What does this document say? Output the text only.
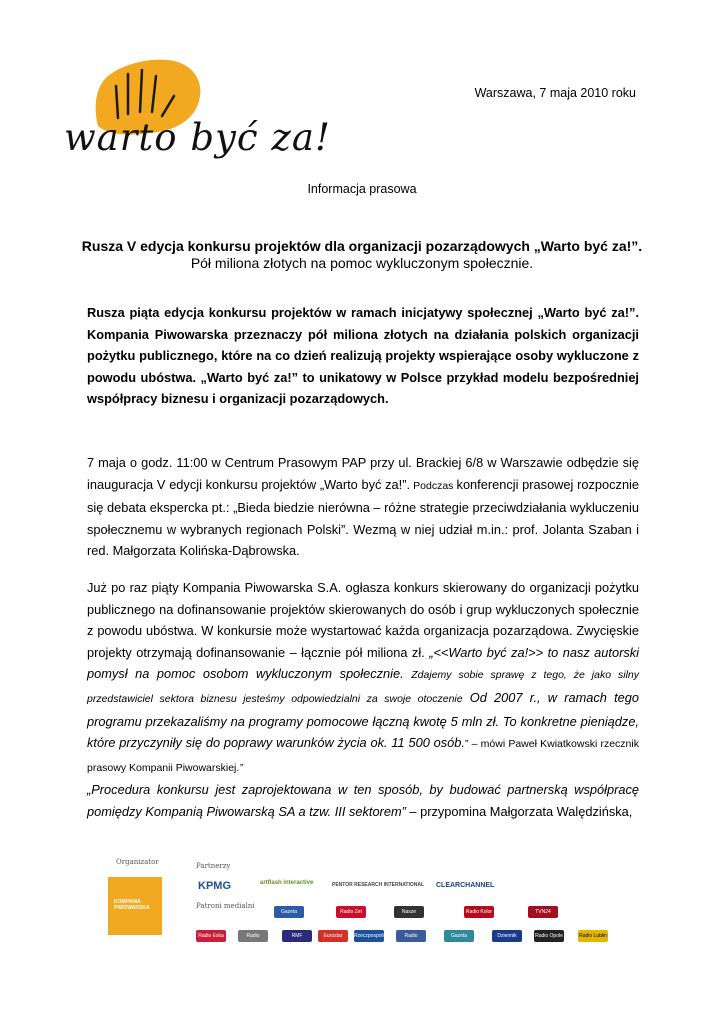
warto być za!
Warszawa, 7 maja 2010 roku
Informacja prasowa
Rusza V edycja konkursu projektów dla organizacji pozarządowych „Warto być za!”.
Pół miliona złotych na pomoc wykluczonym społecznie.

Rusza piąta edycja konkursu projektów w ramach inicjatywy społecznej „Warto być za!”. Kompania Piwowarska przeznaczy pół miliona złotych na działania polskich organizacji pożytku publicznego, które na co dzień realizują projekty wspierające osoby wykluczone z powodu ubóstwa. „Warto być za!” to unikatowy w Polsce przykład modelu bezpośredniej współpracy biznesu i organizacji pozarządowych.

7 maja o godz. 11:00 w Centrum Prasowym PAP przy ul. Brackiej 6/8 w Warszawie odbędzie się inauguracja V edycji konkursu projektów „Warto być za!”. Podczas konferencji prasowej rozpocznie się debata ekspercka pt.: „Bieda biedzie nierówna – różne strategie przeciwdziałania wykluczeniu społecznemu w wybranych regionach Polski”. Wezmą w niej udział m.in.: prof. Jolanta Szaban i red. Małgorzata Kolińska-Dąbrowska.

Już po raz piąty Kompania Piwowarska S.A. ogłasza konkurs skierowany do organizacji pożytku publicznego na dofinansowanie projektów skierowanych do osób i grup wykluczonych społecznie z powodu ubóstwa. W konkursie może wystartować każda organizacja pozarządowa. Zwycięskie projekty otrzymają dofinansowanie – łącznie pół miliona zł. „<<Warto być za!>> to nasz autorski pomysł na pomoc osobom wykluczonym społecznie. Zdajemy sobie sprawę z tego, że jako silny przedstawiciel sektora biznesu jesteśmy odpowiedzialni za swoje otoczenie Od 2007 r., w ramach tego programu przekazaliśmy na programy pomocowe łączną kwotę 5 mln zł. To konkretne pieniądze, które przyczyniły się do poprawy warunków życia ok. 11 500 osób.” – mówi Paweł Kwiatkowski rzecznik prasowy Kompanii Piwowarskiej.”

„Procedura konkursu jest zaprojektowana w ten sposób, by budować partnerską współpracę pomiędzy Kompanią Piwowarską SA a tzw. III sektorem” – przypomina Małgorzata Walędzińska,

Organizator
KOMPANIA PIWOWARSKA
Partnerzy
KPMG	artflash interactive	PENTOR RESEARCH INTERNATIONAL CLEARCHANNEL
Patroni medialni
Gazeta Wyborcza
Radio Zet	Nasze Miasto
Radio Kolor	TVN24
Radio Eska	Radio Katowice
RMF	Eurostar	Rzeczpospolita	Radio Kraków
Gazeta Krakowska
Dziennik Polski
Radio Opole	Radio Lublin
